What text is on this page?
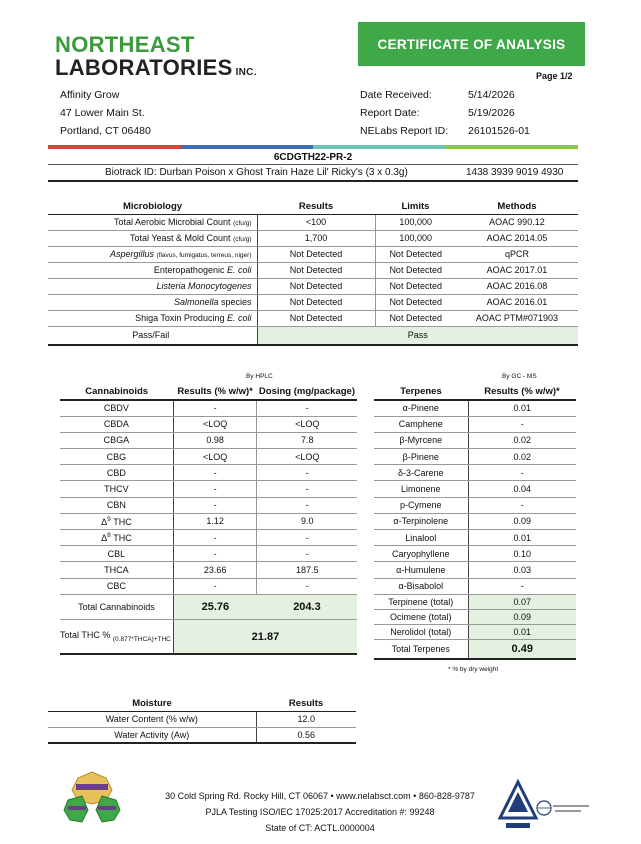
NORTHEAST
LABORATORIES INC.
CERTIFICATE OF ANALYSIS
Page 1/2
Affinity Grow
47 Lower Main St.
Portland, CT 06480
Date Received:	5/14/2026
Report Date:	5/19/2026
NELabs Report ID:	26101526-01
6CDGTH22-PR-2
Biotrack ID: Durban Poison x Ghost Train Haze Lil' Ricky's (3 x 0.3g)	1438 3939 9019 4930
Microbiology	Results	Limits	Methods
Total Aerobic Microbial Count (cfu/g)	<100	100,000	AOAC 990.12
Total Yeast & Mold Count (cfu/g)	1,700	100,000	AOAC 2014.05
Aspergillus (flavus, fumigatus, terreus, niger)	Not Detected	Not Detected	qPCR
Enteropathogenic E. coli	Not Detected	Not Detected	AOAC 2017.01
Listeria Monocytogenes	Not Detected	Not Detected	AOAC 2016.08
Salmonella species	Not Detected	Not Detected	AOAC 2016.01
Shiga Toxin Producing E. coli	Not Detected	Not Detected	AOAC PTM#071903
Pass/Fail	Pass		
By HPLC	By GC - MS
Cannabinoids	Results (% w/w)*	Dosing (mg/package)
CBDV	-	-
CBDA	<LOQ	<LOQ
CBGA	0.98	7.8
CBG	<LOQ	<LOQ
CBD	-	-
THCV	-	-
CBN	-	-
$\Delta^9$ THC	1.12	9.0
$\Delta^8$ THC	-	-
CBL	-	-
THCA	23.66	187.5
CBC	-	-
Total Cannabinoids	25.76	204.3
Total THC % $_{(0.877*THCA)+THC}$	21.87	
Terpenes	Results (% w/w)*
α-Pinene	0.01
Camphene	-
β-Myrcene	0.02
β-Pinene	0.02
δ-3-Carene	-
Limonene	0.04
p-Cymene	-
α-Terpinolene	0.09
Linalool	0.01
Caryophyllene	0.10
α-Humulene	0.03
α-Bisabolol	-
Terpinene (total)	0.07
Ocimene (total)	0.09
Nerolidol (total)	0.01
Total Terpenes	0.49
* % by dry weight
Moisture	Results
Water Content (% w/w)	12.0
Water Activity (Aw)	0.56
30 Cold Spring Rd. Rocky Hill, CT 06067 • www.nelabsct.com • 860-828-9787
PJLA Testing ISO/IEC 17025:2017 Accreditation #: 99248
State of CT: ACTL.0000004
